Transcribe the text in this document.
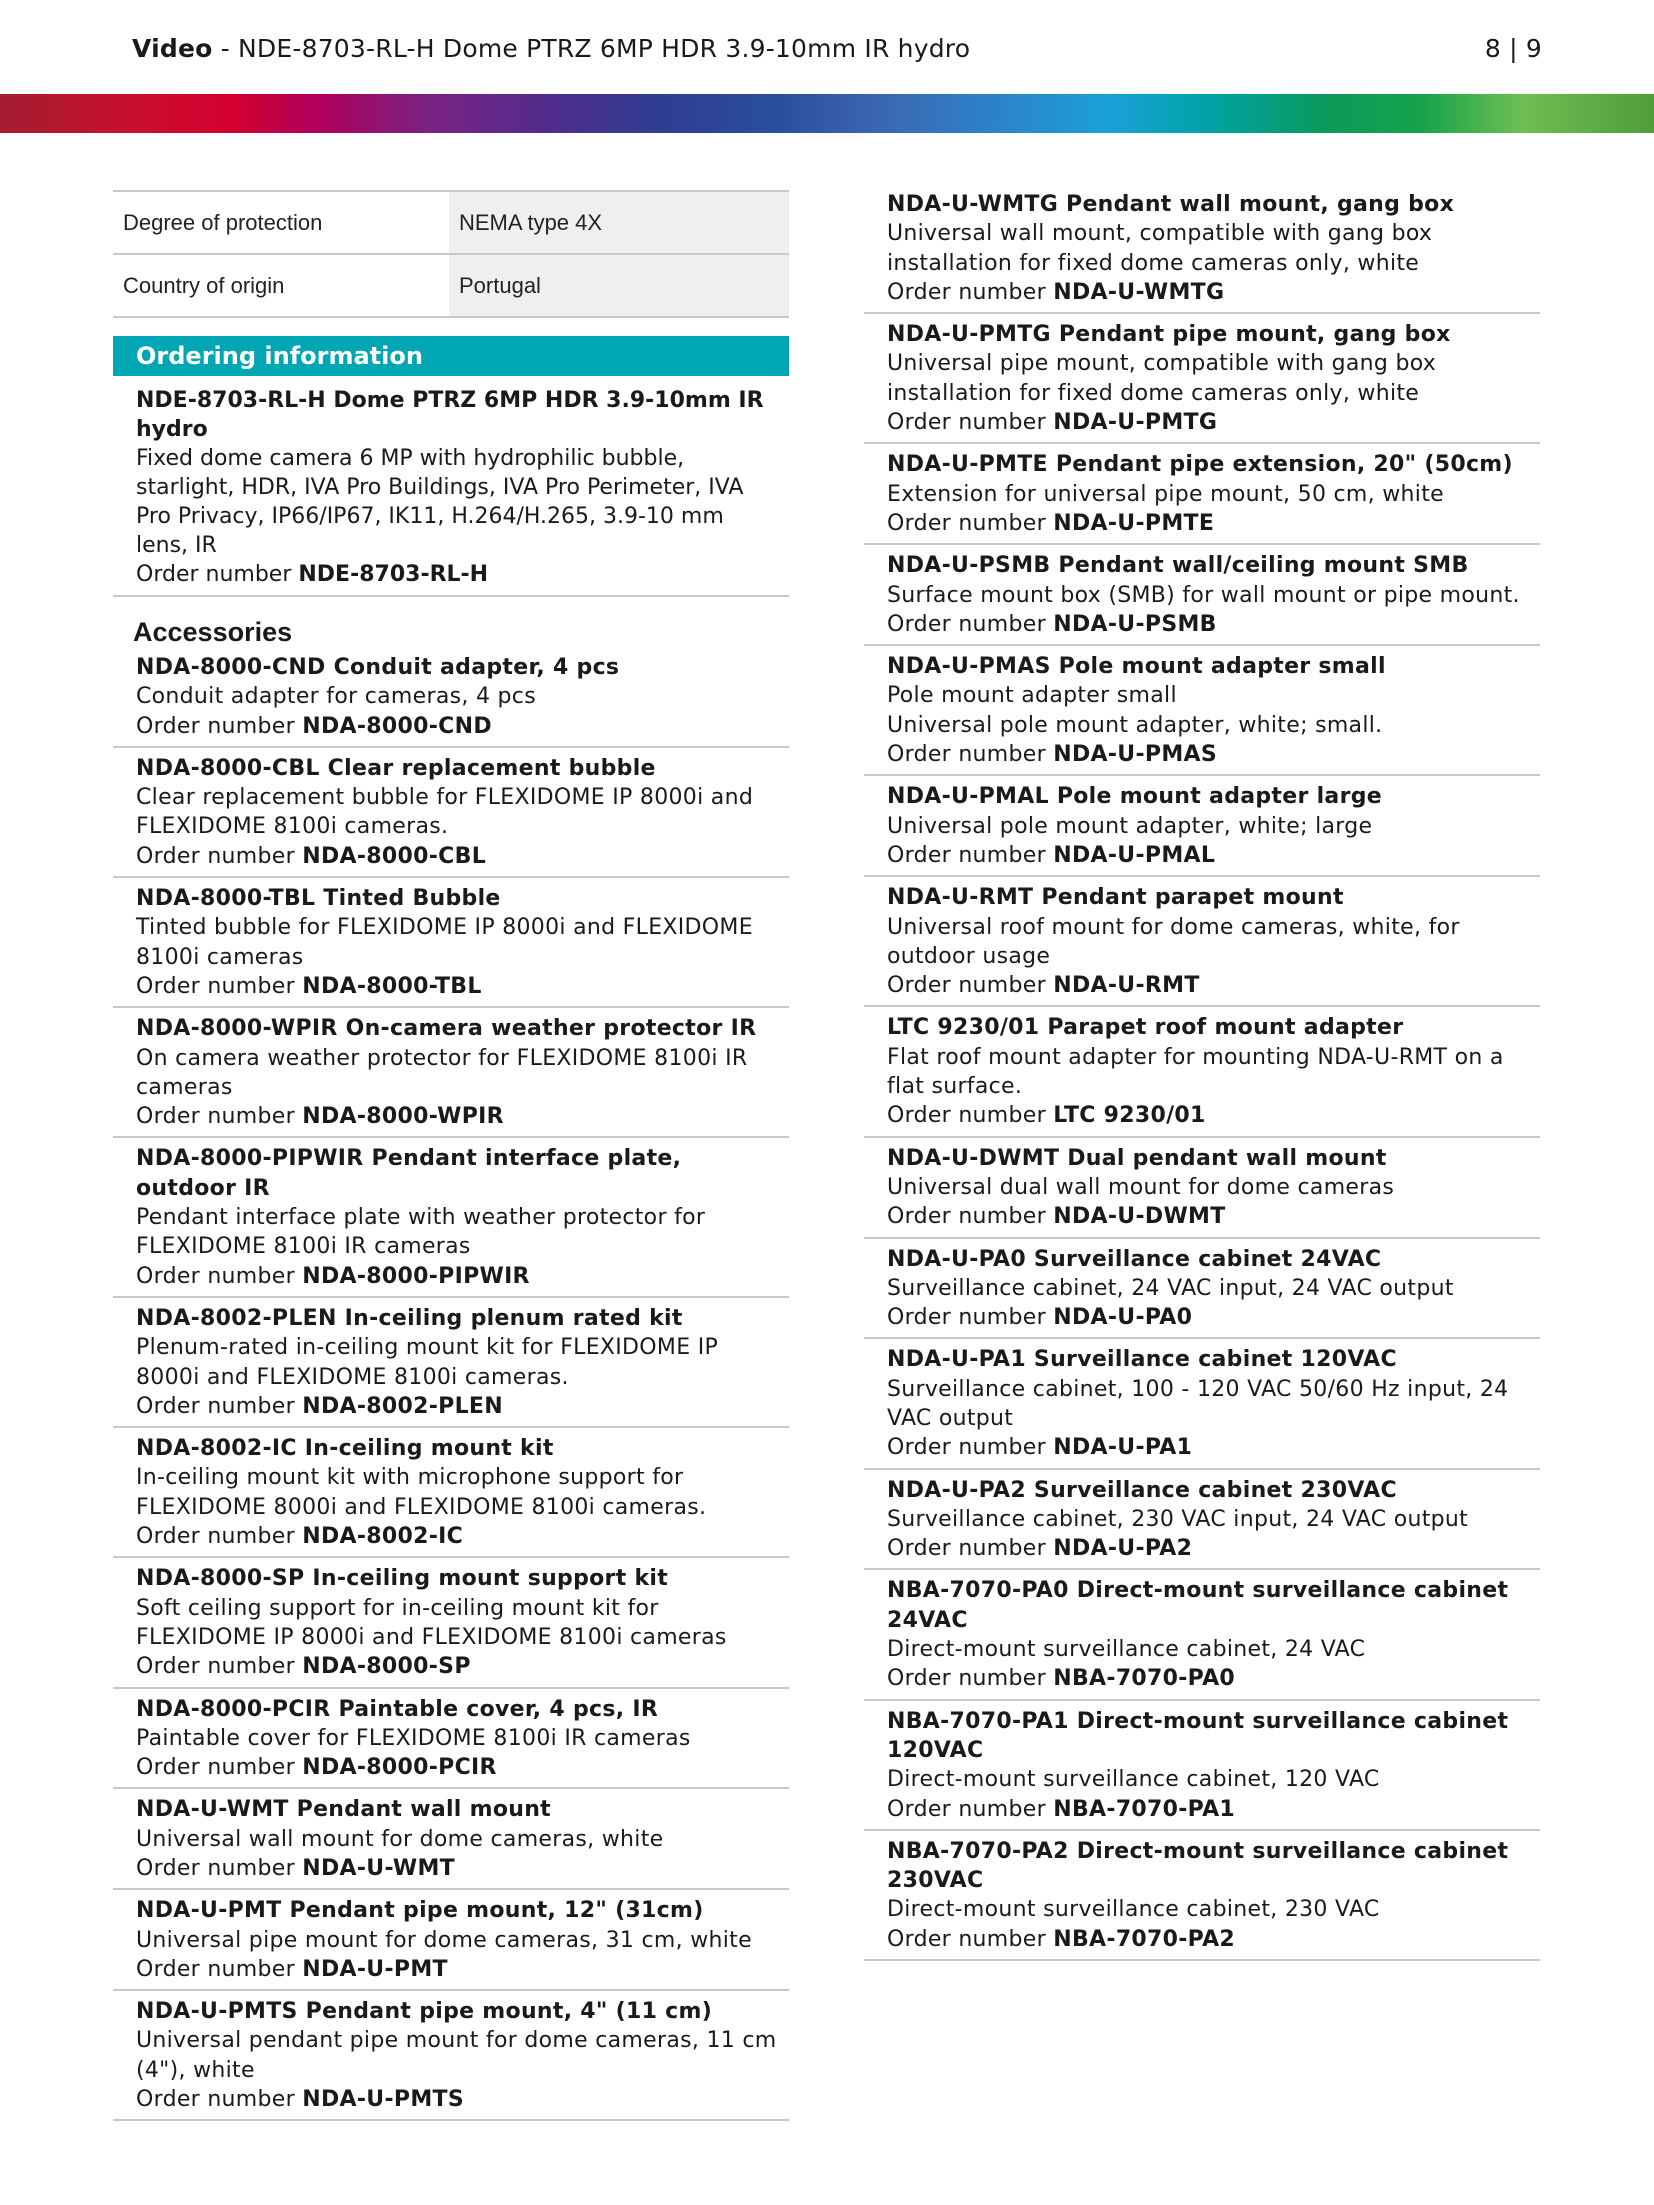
Video - NDE-8703-RL-H Dome PTRZ 6MP HDR 3.9-10mm IR hydro	8 | 9
Degree of protection	NEMA type 4X
Country of origin	Portugal
Ordering information
NDE-8703-RL-H Dome PTRZ 6MP HDR 3.9-10mm IR hydro
Fixed dome camera 6 MP with hydrophilic bubble, starlight, HDR, IVA Pro Buildings, IVA Pro Perimeter, IVA Pro Privacy, IP66/IP67, IK11, H.264/H.265, 3.9-10 mm lens, IR
Order number NDE-8703-RL-H
Accessories
NDA-8000-CND Conduit adapter, 4 pcs
Conduit adapter for cameras, 4 pcs
Order number NDA-8000-CND
NDA-8000-CBL Clear replacement bubble
Clear replacement bubble for FLEXIDOME IP 8000i and FLEXIDOME 8100i cameras.
Order number NDA-8000-CBL
NDA-8000-TBL Tinted Bubble
Tinted bubble for FLEXIDOME IP 8000i and FLEXIDOME 8100i cameras
Order number NDA-8000-TBL
NDA-8000-WPIR On-camera weather protector IR
On camera weather protector for FLEXIDOME 8100i IR cameras
Order number NDA-8000-WPIR
NDA-8000-PIPWIR Pendant interface plate, outdoor IR
Pendant interface plate with weather protector for FLEXIDOME 8100i IR cameras
Order number NDA-8000-PIPWIR
NDA-8002-PLEN In-ceiling plenum rated kit
Plenum-rated in-ceiling mount kit for FLEXIDOME IP 8000i and FLEXIDOME 8100i cameras.
Order number NDA-8002-PLEN
NDA-8002-IC In-ceiling mount kit
In-ceiling mount kit with microphone support for FLEXIDOME 8000i and FLEXIDOME 8100i cameras.
Order number NDA-8002-IC
NDA-8000-SP In-ceiling mount support kit
Soft ceiling support for in-ceiling mount kit for FLEXIDOME IP 8000i and FLEXIDOME 8100i cameras
Order number NDA-8000-SP
NDA-8000-PCIR Paintable cover, 4 pcs, IR
Paintable cover for FLEXIDOME 8100i IR cameras
Order number NDA-8000-PCIR
NDA-U-WMT Pendant wall mount
Universal wall mount for dome cameras, white
Order number NDA-U-WMT
NDA-U-PMT Pendant pipe mount, 12" (31cm)
Universal pipe mount for dome cameras, 31 cm, white
Order number NDA-U-PMT
NDA-U-PMTS Pendant pipe mount, 4" (11 cm)
Universal pendant pipe mount for dome cameras, 11 cm (4"), white
Order number NDA-U-PMTS
NDA-U-WMTG Pendant wall mount, gang box
Universal wall mount, compatible with gang box installation for fixed dome cameras only, white
Order number NDA-U-WMTG
NDA-U-PMTG Pendant pipe mount, gang box
Universal pipe mount, compatible with gang box installation for fixed dome cameras only, white
Order number NDA-U-PMTG
NDA-U-PMTE Pendant pipe extension, 20" (50cm)
Extension for universal pipe mount, 50 cm, white
Order number NDA-U-PMTE
NDA-U-PSMB Pendant wall/ceiling mount SMB
Surface mount box (SMB) for wall mount or pipe mount.
Order number NDA-U-PSMB
NDA-U-PMAS Pole mount adapter small
Pole mount adapter small
Universal pole mount adapter, white; small.
Order number NDA-U-PMAS
NDA-U-PMAL Pole mount adapter large
Universal pole mount adapter, white; large
Order number NDA-U-PMAL
NDA-U-RMT Pendant parapet mount
Universal roof mount for dome cameras, white, for outdoor usage
Order number NDA-U-RMT
LTC 9230/01 Parapet roof mount adapter
Flat roof mount adapter for mounting NDA-U-RMT on a flat surface.
Order number LTC 9230/01
NDA-U-DWMT Dual pendant wall mount
Universal dual wall mount for dome cameras
Order number NDA-U-DWMT
NDA-U-PA0 Surveillance cabinet 24VAC
Surveillance cabinet, 24 VAC input, 24 VAC output
Order number NDA-U-PA0
NDA-U-PA1 Surveillance cabinet 120VAC
Surveillance cabinet, 100 - 120 VAC 50/60 Hz input, 24 VAC output
Order number NDA-U-PA1
NDA-U-PA2 Surveillance cabinet 230VAC
Surveillance cabinet, 230 VAC input, 24 VAC output
Order number NDA-U-PA2
NBA-7070-PA0 Direct-mount surveillance cabinet 24VAC
Direct-mount surveillance cabinet, 24 VAC
Order number NBA-7070-PA0
NBA-7070-PA1 Direct-mount surveillance cabinet 120VAC
Direct-mount surveillance cabinet, 120 VAC
Order number NBA-7070-PA1
NBA-7070-PA2 Direct-mount surveillance cabinet 230VAC
Direct-mount surveillance cabinet, 230 VAC
Order number NBA-7070-PA2
